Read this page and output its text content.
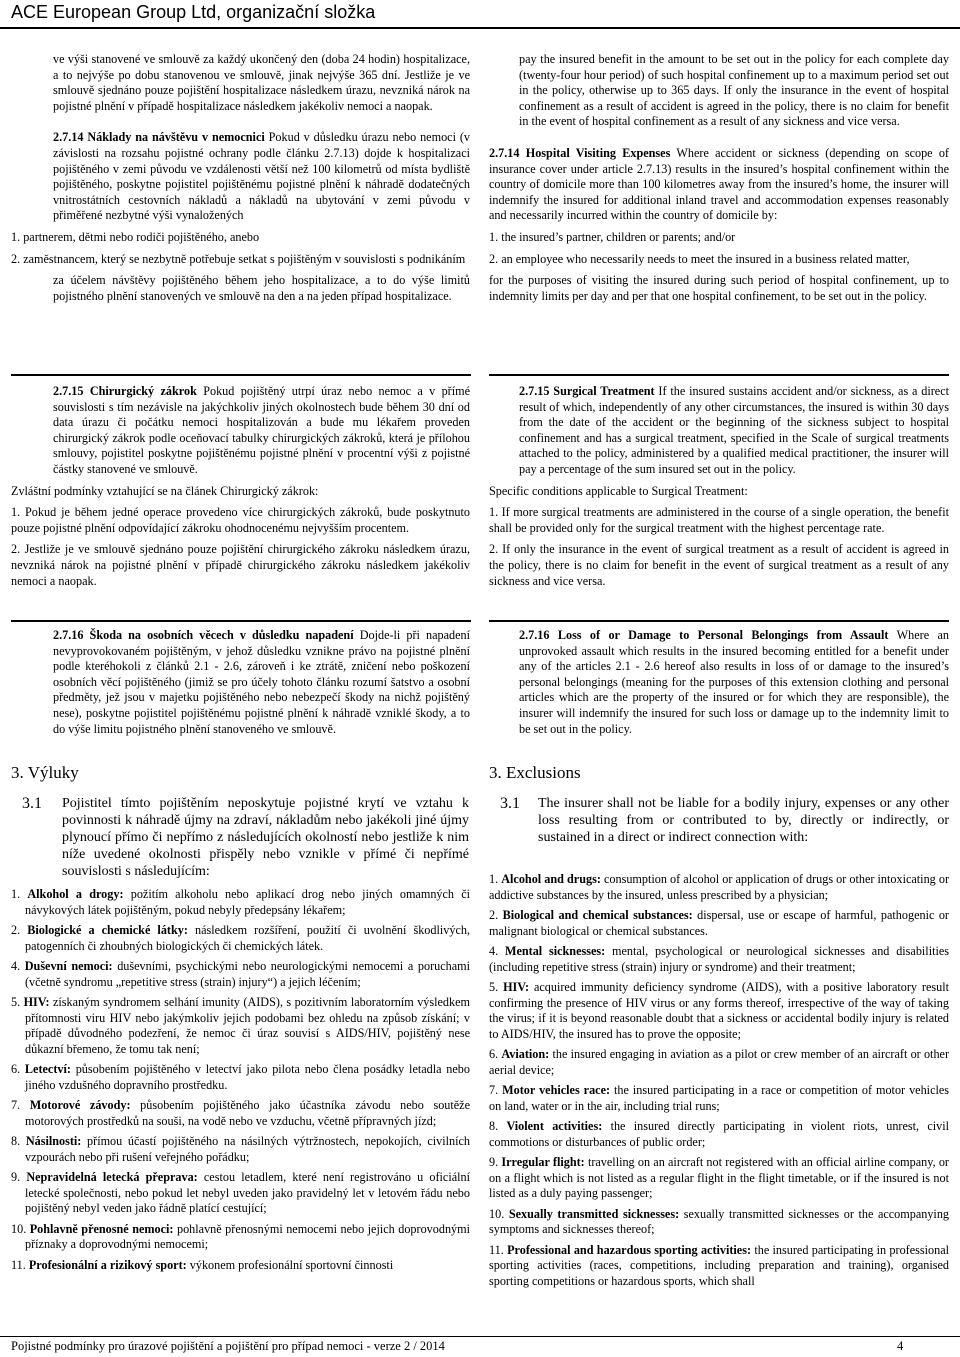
ACE European Group Ltd, organizační složka

ve výši stanovené ve smlouvě za každý ukončený den (doba 24 hodin) hospitalizace, a to nejvýše po dobu stanovenou ve smlouvě, jinak nejvýše 365 dní. Jestliže je ve smlouvě sjednáno pouze pojištění hospitalizace následkem úrazu, nevzniká nárok na pojistné plnění v případě hospitalizace následkem jakékoliv nemoci a naopak.

2.7.14 Náklady na návštěvu v nemocnici Pokud v důsledku úrazu nebo nemoci (v závislosti na rozsahu pojistné ochrany podle článku 2.7.13) dojde k hospitalizaci pojištěného v zemi původu ve vzdálenosti větší než 100 kilometrů od místa bydliště pojištěného, poskytne pojistitel pojištěnému pojistné plnění k náhradě dodatečných vnitrostátních cestovních nákladů a nákladů na ubytování v zemi původu v přiměřené nezbytné výši vynaložených

1. partnerem, dětmi nebo rodiči pojištěného, anebo

2. zaměstnancem, který se nezbytně potřebuje setkat s pojištěným v souvislosti s podnikáním

za účelem návštěvy pojištěného během jeho hospitalizace, a to do výše limitů pojistného plnění stanovených ve smlouvě na den a na jeden případ hospitalizace.

2.7.15 Chirurgický zákrok Pokud pojištěný utrpí úraz nebo nemoc a v přímé souvislosti s tím nezávisle na jakýchkoliv jiných okolnostech bude během 30 dní od data úrazu či počátku nemoci hospitalizován a bude mu lékařem proveden chirurgický zákrok podle oceňovací tabulky chirurgických zákroků, která je přílohou smlouvy, pojistitel poskytne pojištěnému pojistné plnění v procentní výši z pojistné částky stanovené ve smlouvě.

Zvláštní podmínky vztahující se na článek Chirurgický zákrok:

1. Pokud je během jedné operace provedeno více chirurgických zákroků, bude poskytnuto pouze pojistné plnění odpovídající zákroku ohodnocenému nejvyšším procentem.

2. Jestliže je ve smlouvě sjednáno pouze pojištění chirurgického zákroku následkem úrazu, nevzniká nárok na pojistné plnění v případě chirurgického zákroku následkem jakékoliv nemoci a naopak.

2.7.16 Škoda na osobních věcech v důsledku napadení Dojde-li při napadení nevyprovokovaném pojištěným, v jehož důsledku vznikne právo na pojistné plnění podle kteréhokoli z článků 2.1 - 2.6, zároveň i ke ztrátě, zničení nebo poškození osobních věcí pojištěného (jimiž se pro účely tohoto článku rozumí šatstvo a osobní předměty, jež jsou v majetku pojištěného nebo nebezpečí škody na nichž pojištěný nese), poskytne pojistitel pojištěnému pojistné plnění k náhradě vzniklé škody, a to do výše limitu pojistného plnění stanoveného ve smlouvě.

3. Výluky
3.1	Pojistitel tímto pojištěním neposkytuje pojistné krytí ve vztahu k povinnosti k náhradě újmy na zdraví, nákladům nebo jakékoli jiné újmy plynoucí přímo či nepřímo z následujících okolností nebo jestliže k nim níže uvedené okolnosti přispěly nebo vznikle v přímé či nepřímé souvislosti s následujícím:

1. Alkohol a drogy: požitím alkoholu nebo aplikací drog nebo jiných omamných či návykových látek pojištěným, pokud nebyly předepsány lékařem;

2. Biologické a chemické látky: následkem rozšíření, použití či uvolnění škodlivých, patogenních či zhoubných biologických či chemických látek.

4. Duševní nemoci: duševními, psychickými nebo neurologickými nemocemi a poruchami (včetně syndromu „repetitive stress (strain) injury“) a jejich léčením;

5. HIV: získaným syndromem selhání imunity (AIDS), s pozitivním laboratorním výsledkem přítomnosti viru HIV nebo jakýmkoliv jejich podobami bez ohledu na způsob získání; v případě důvodného podezření, že nemoc či úraz souvisí s AIDS/HIV, pojištěný nese důkazní břemeno, že tomu tak není;

6. Letectví: působením pojištěného v letectví jako pilota nebo člena posádky letadla nebo jiného vzdušného dopravního prostředku.

7. Motorové závody: působením pojištěného jako účastníka závodu nebo soutěže motorových prostředků na souši, na vodě nebo ve vzduchu, včetně přípravných jízd;

8. Násilnosti: přímou účastí pojištěného na násilných výtržnostech, nepokojích, civilních vzpourách nebo při rušení veřejného pořádku;

9. Nepravidelná letecká přeprava: cestou letadlem, které není registrováno u oficiální letecké společnosti, nebo pokud let nebyl uveden jako pravidelný let v letovém řádu nebo pojištěný nebyl veden jako řádně platící cestující;

10. Pohlavně přenosné nemoci: pohlavně přenosnými nemocemi nebo jejich doprovodnými příznaky a doprovodnými nemocemi;

11. Profesionální a rizikový sport: výkonem profesionální sportovní činnosti

pay the insured benefit in the amount to be set out in the policy for each complete day (twenty-four hour period) of such hospital confinement up to a maximum period set out in the policy, otherwise up to 365 days. If only the insurance in the event of hospital confinement as a result of accident is agreed in the policy, there is no claim for benefit in the event of hospital confinement as a result of any sickness and vice versa.

2.7.14 Hospital Visiting Expenses Where accident or sickness (depending on scope of insurance cover under article 2.7.13) results in the insured’s hospital confinement within the country of domicile more than 100 kilometres away from the insured’s home, the insurer will indemnify the insured for additional inland travel and accommodation expenses reasonably and necessarily incurred within the country of domicile by:

1. the insured’s partner, children or parents; and/or

2. an employee who necessarily needs to meet the insured in a business related matter,

for the purposes of visiting the insured during such period of hospital confinement, up to indemnity limits per day and per that one hospital confinement, to be set out in the policy.

2.7.15 Surgical Treatment If the insured sustains accident and/or sickness, as a direct result of which, independently of any other circumstances, the insured is within 30 days from the date of the accident or the beginning of the sickness subject to hospital confinement and has a surgical treatment, specified in the Scale of surgical treatments attached to the policy, administered by a qualified medical practitioner, the insurer will pay a percentage of the sum insured set out in the policy.

Specific conditions applicable to Surgical Treatment:

1. If more surgical treatments are administered in the course of a single operation, the benefit shall be provided only for the surgical treatment with the highest percentage rate.

2. If only the insurance in the event of surgical treatment as a result of accident is agreed in the policy, there is no claim for benefit in the event of surgical treatment as a result of any sickness and vice versa.

2.7.16 Loss of or Damage to Personal Belongings from Assault Where an unprovoked assault which results in the insured becoming entitled for a benefit under any of the articles 2.1 - 2.6 hereof also results in loss of or damage to the insured’s personal belongings (meaning for the purposes of this extension clothing and personal articles which are the property of the insured or for which they are responsible), the insurer will indemnify the insured for such loss or damage up to the indemnity limit to be set out in the policy.

3. Exclusions
3.1	The insurer shall not be liable for a bodily injury, expenses or any other loss resulting from or contributed to by, directly or indirectly, or sustained in a direct or indirect connection with:

1. Alcohol and drugs: consumption of alcohol or application of drugs or other intoxicating or addictive substances by the insured, unless prescribed by a physician;

2. Biological and chemical substances: dispersal, use or escape of harmful, pathogenic or malignant biological or chemical substances.

4. Mental sicknesses: mental, psychological or neurological sicknesses and disabilities (including repetitive stress (strain) injury or syndrome) and their treatment;

5. HIV: acquired immunity deficiency syndrome (AIDS), with a positive laboratory result confirming the presence of HIV virus or any forms thereof, irrespective of the way of taking the virus; if it is beyond reasonable doubt that a sickness or accidental bodily injury is related to AIDS/HIV, the insured has to prove the opposite;

6. Aviation: the insured engaging in aviation as a pilot or crew member of an aircraft or other aerial device;

7. Motor vehicles race: the insured participating in a race or competition of motor vehicles on land, water or in the air, including trial runs;

8. Violent activities: the insured directly participating in violent riots, unrest, civil commotions or disturbances of public order;

9. Irregular flight: travelling on an aircraft not registered with an official airline company, or on a flight which is not listed as a regular flight in the flight timetable, or if the insured is not listed as a duly paying passenger;

10. Sexually transmitted sicknesses: sexually transmitted sicknesses or the accompanying symptoms and sicknesses thereof;

11. Professional and hazardous sporting activities: the insured participating in professional sporting activities (races, competitions, including preparation and training), organised sporting competitions or hazardous sports, which shall

Pojistné podmínky pro úrazové pojištění a pojištění pro případ nemoci - verze 2 / 2014	4
